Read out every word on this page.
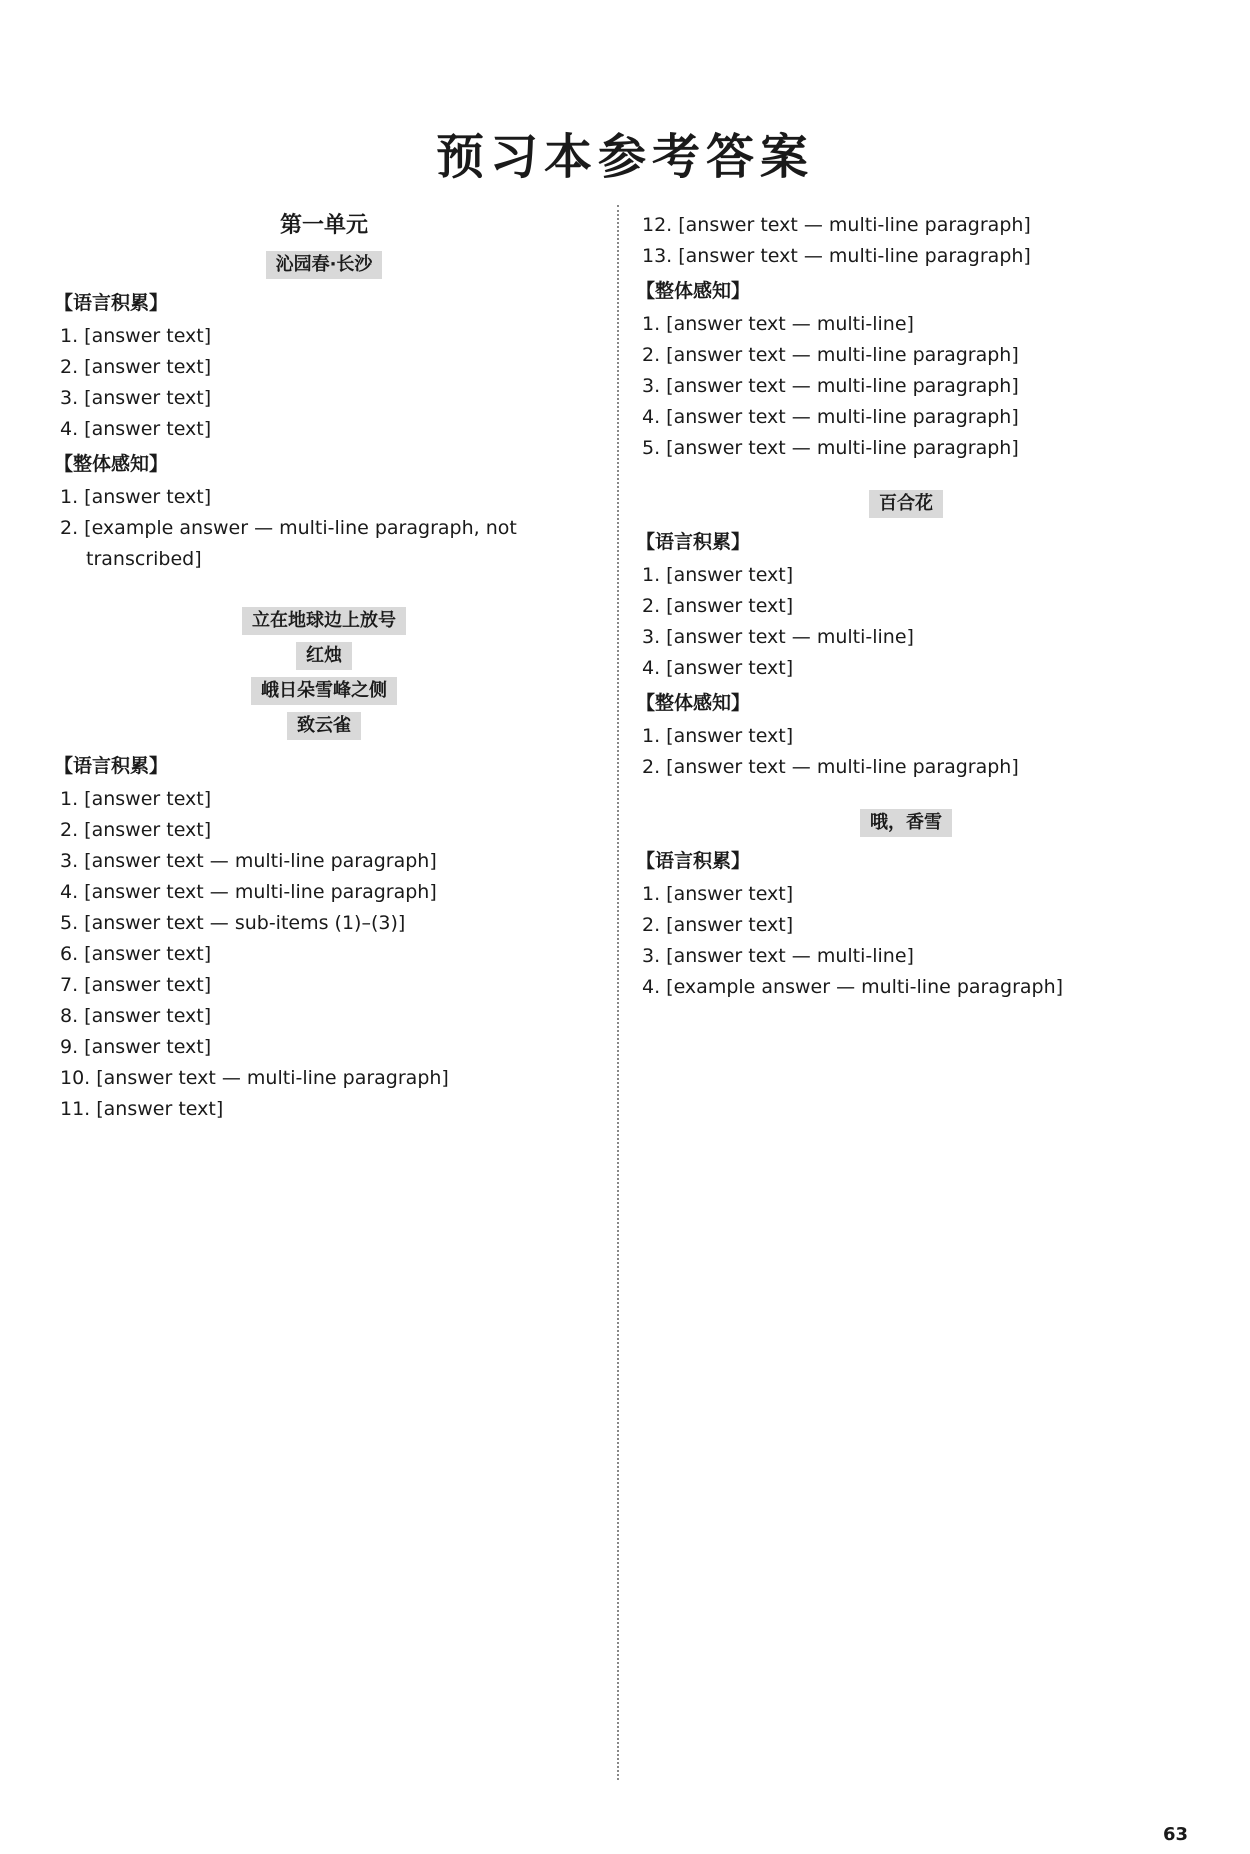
预习本参考答案
第一单元
沁园春·长沙
【语言积累】
1. [answer text]
2. [answer text]
3. [answer text]
4. [answer text]
【整体感知】
1. [answer text]
2. [example answer — multi-line paragraph, not transcribed]
立在地球边上放号
红烛
峨日朵雪峰之侧
致云雀
【语言积累】
1. [answer text]
2. [answer text]
3. [answer text — multi-line paragraph]
4. [answer text — multi-line paragraph]
5. [answer text — sub-items (1)–(3)]
6. [answer text]
7. [answer text]
8. [answer text]
9. [answer text]
10. [answer text — multi-line paragraph]
11. [answer text]
12. [answer text — multi-line paragraph]
13. [answer text — multi-line paragraph]
【整体感知】
1. [answer text — multi-line]
2. [answer text — multi-line paragraph]
3. [answer text — multi-line paragraph]
4. [answer text — multi-line paragraph]
5. [answer text — multi-line paragraph]
百合花
【语言积累】
1. [answer text]
2. [answer text]
3. [answer text — multi-line]
4. [answer text]
【整体感知】
1. [answer text]
2. [answer text — multi-line paragraph]
哦，香雪
【语言积累】
1. [answer text]
2. [answer text]
3. [answer text — multi-line]
4. [example answer — multi-line paragraph]
63
